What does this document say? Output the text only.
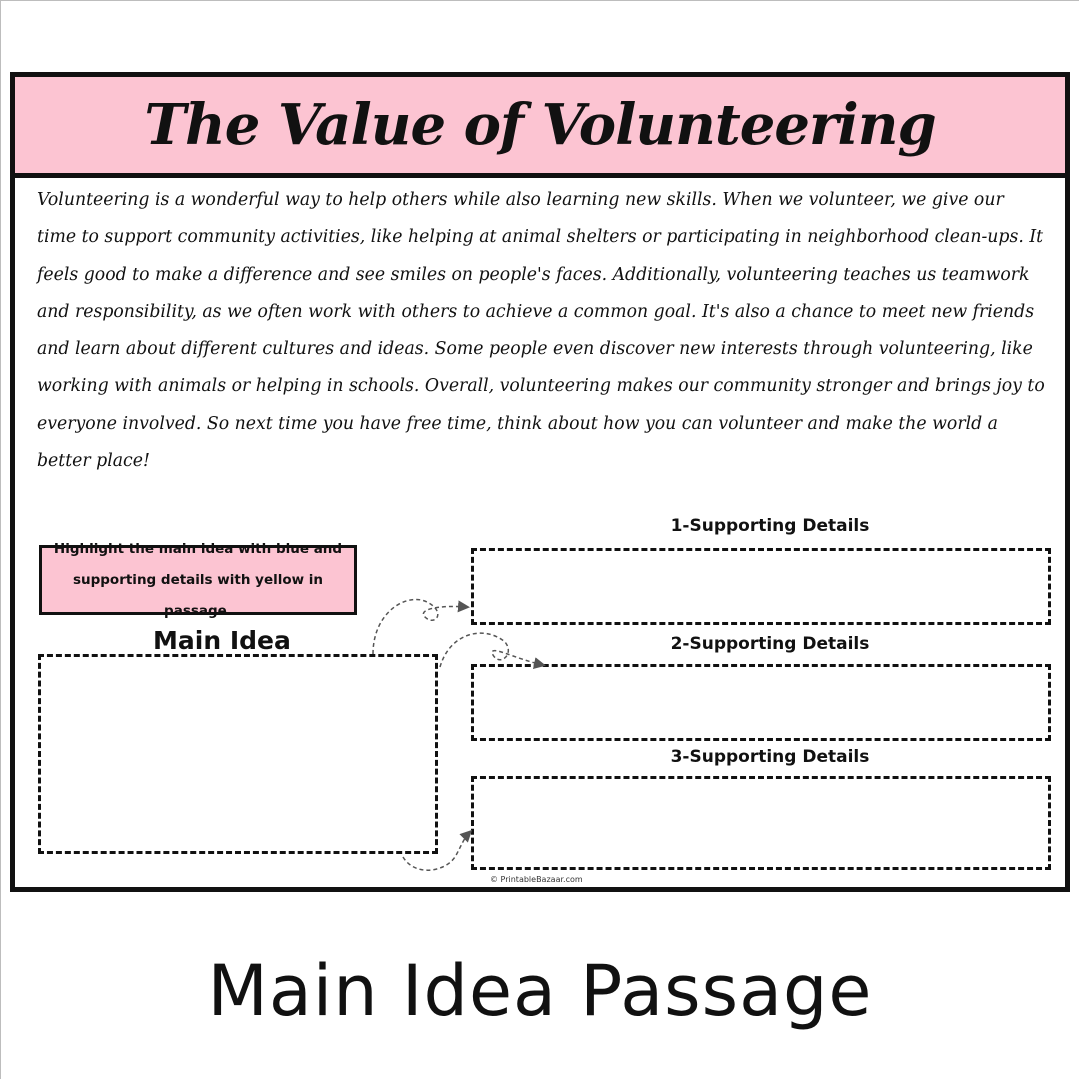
The Value of Volunteering

Volunteering is a wonderful way to help others while also learning new skills. When we volunteer, we give our time to support community activities, like helping at animal shelters or participating in neighborhood clean-ups. It feels good to make a difference and see smiles on people's faces. Additionally, volunteering teaches us teamwork and responsibility, as we often work with others to achieve a common goal. It's also a chance to meet new friends and learn about different cultures and ideas. Some people even discover new interests through volunteering, like working with animals or helping in schools. Overall, volunteering makes our community stronger and brings joy to everyone involved. So next time you have free time, think about how you can volunteer and make the world a better place!

Highlight the main idea with blue and supporting details with yellow in passage.
Main Idea
1-Supporting Details
2-Supporting Details
3-Supporting Details
© PrintableBazaar.com
Main Idea Passage
